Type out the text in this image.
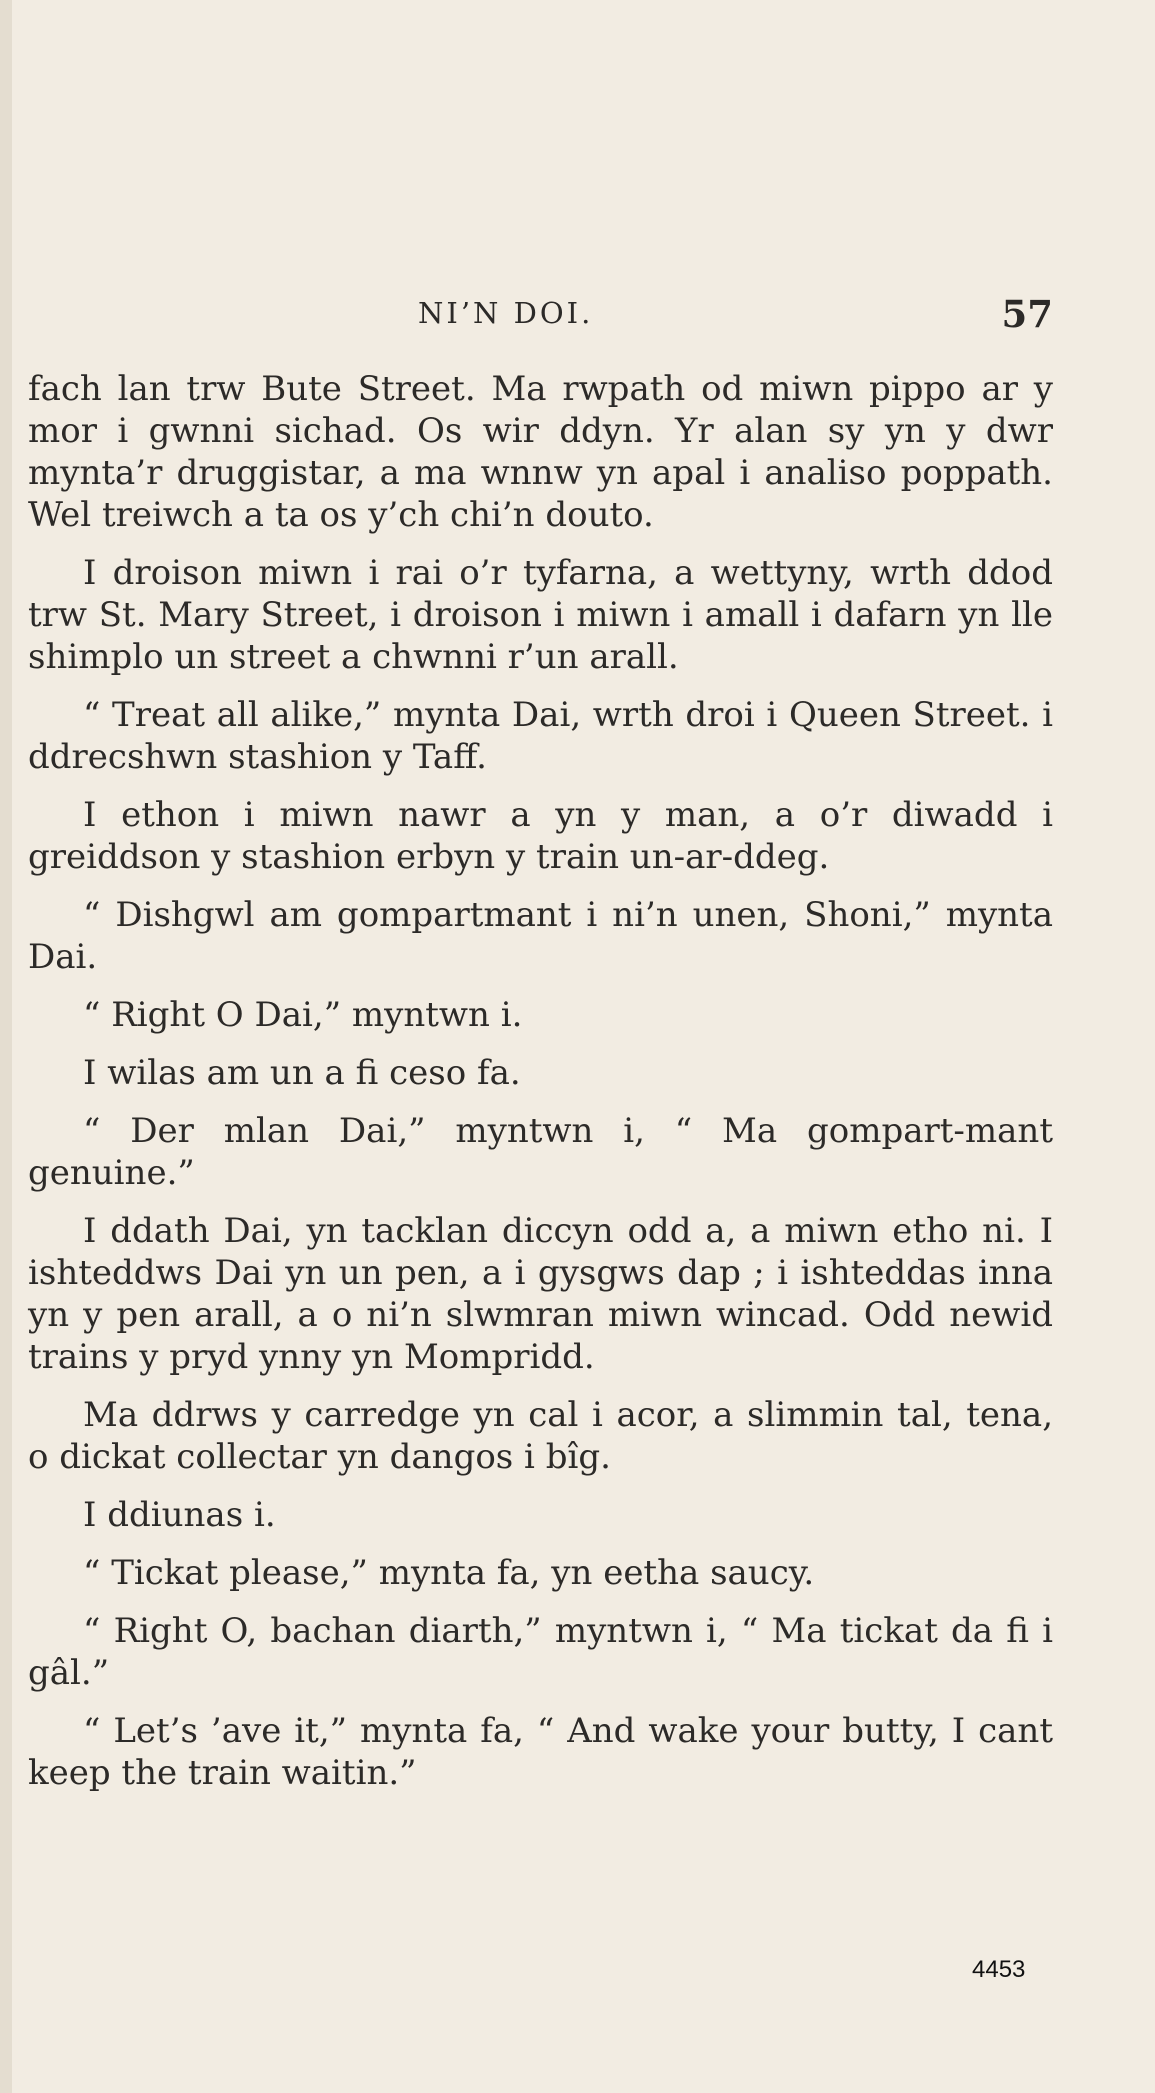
NI’N DOI.	57

fach lan trw Bute Street. Ma rwpath od miwn pippo ar y mor i gwnni sichad. Os wir ddyn. Yr alan sy yn y dwr mynta’r druggistar, a ma wnnw yn apal i analiso poppath. Wel treiwch a ta os y’ch chi’n douto.

I droison miwn i rai o’r tyfarna, a wettyny, wrth ddod trw St. Mary Street, i droison i miwn i amall i dafarn yn lle shimplo un street a chwnni r’un arall.

“ Treat all alike,” mynta Dai, wrth droi i Queen Street. i ddrecshwn stashion y Taff.

I ethon i miwn nawr a yn y man, a o’r diwadd i greiddson y stashion erbyn y train un-ar-ddeg.

“ Dishgwl am gompartmant i ni’n unen, Shoni,” mynta Dai.

“ Right O Dai,” myntwn i.

I wilas am un a fi ceso fa.

“ Der mlan Dai,” myntwn i, “ Ma gompart-mant genuine.”

I ddath Dai, yn tacklan diccyn odd a, a miwn etho ni. I ishteddws Dai yn un pen, a i gysgws dap ; i ishteddas inna yn y pen arall, a o ni’n slwmran miwn wincad. Odd newid trains y pryd ynny yn Mompridd.

Ma ddrws y carredge yn cal i acor, a slimmin tal, tena, o dickat collectar yn dangos i bîg.

I ddiunas i.

“ Tickat please,” mynta fa, yn eetha saucy.

“ Right O, bachan diarth,” myntwn i, “ Ma tickat da fi i gâl.”

“ Let’s ’ave it,” mynta fa, “ And wake your butty, I cant keep the train waitin.”

4453
